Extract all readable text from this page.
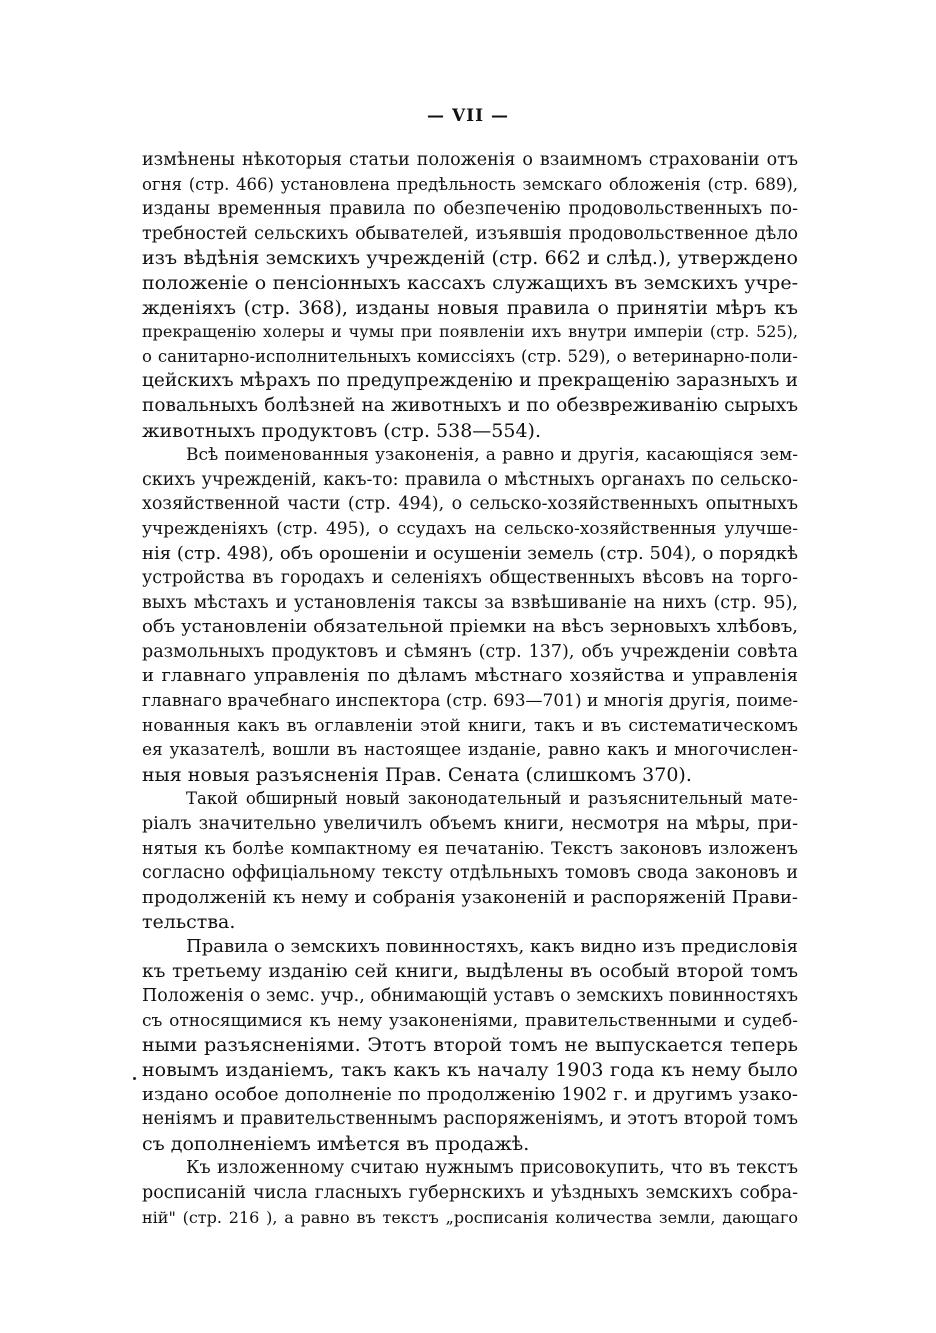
— VII —
измѣнены нѣкоторыя статьи положенія о взаимномъ страхованіи отъ
огня (стр. 466) установлена предѣльность земскаго обложенія (стр. 689),
изданы временныя правила по обезпеченію продовольственныхъ по-
требностей сельскихъ обывателей, изъявшія продовольственное дѣло
изъ вѣдѣнія земскихъ учрежденій (стр. 662 и слѣд.), утверждено
положеніе о пенсіонныхъ кассахъ служащихъ въ земскихъ учре-
жденіяхъ (стр. 368), изданы новыя правила о принятіи мѣръ къ
прекращенію холеры и чумы при появленіи ихъ внутри имперіи (стр. 525),
о санитарно-исполнительныхъ комиссіяхъ (стр. 529), о ветеринарно-поли-
цейскихъ мѣрахъ по предупрежденію и прекращенію заразныхъ и
повальныхъ болѣзней на животныхъ и по обезвреживанію сырыхъ
животныхъ продуктовъ (стр. 538—554).
Всѣ поименованныя узаконенія, а равно и другія, касающіяся зем-
скихъ учрежденій, какъ-то: правила о мѣстныхъ органахъ по сельско-
хозяйственной части (стр. 494), о сельско-хозяйственныхъ опытныхъ
учрежденіяхъ (стр. 495), о ссудахъ на сельско-хозяйственныя улучше-
нія (стр. 498), объ орошеніи и осушеніи земель (стр. 504), о порядкѣ
устройства въ городахъ и селеніяхъ общественныхъ вѣсовъ на торго-
выхъ мѣстахъ и установленія таксы за взвѣшиваніе на нихъ (стр. 95),
объ установленіи обязательной пріемки на вѣсъ зерновыхъ хлѣбовъ,
размольныхъ продуктовъ и сѣмянъ (стр. 137), объ учрежденіи совѣта
и главнаго управленія по дѣламъ мѣстнаго хозяйства и управленія
главнаго врачебнаго инспектора (стр. 693—701) и многія другія, поиме-
нованныя какъ въ оглавленіи этой книги, такъ и въ систематическомъ
ея указателѣ, вошли въ настоящее изданіе, равно какъ и многочислен-
ныя новыя разъясненія Прав. Сената (слишкомъ 370).
Такой обширный новый законодательный и разъяснительный мате-
ріалъ значительно увеличилъ объемъ книги, несмотря на мѣры, при-
нятыя къ болѣе компактному ея печатанію. Текстъ законовъ изложенъ
согласно оффиціальному тексту отдѣльныхъ томовъ свода законовъ и
продолженій къ нему и собранія узаконеній и распоряженій Прави-
тельства.
Правила о земскихъ повинностяхъ, какъ видно изъ предисловія
къ третьему изданію сей книги, выдѣлены въ особый второй томъ
Положенія о земс. учр., обнимающій уставъ о земскихъ повинностяхъ
съ относящимися къ нему узаконеніями, правительственными и судеб-
ными разъясненіями. Этотъ второй томъ не выпускается теперь
новымъ изданіемъ, такъ какъ къ началу 1903 года къ нему было
издано особое дополненіе по продолженію 1902 г. и другимъ узако-
неніямъ и правительственнымъ распоряженіямъ, и этотъ второй томъ
съ дополненіемъ имѣется въ продажѣ.
Къ изложенному считаю нужнымъ присовокупить, что въ текстъ
росписаній числа гласныхъ губернскихъ и уѣздныхъ земскихъ собра-
ній" (стр. 216 ), а равно въ текстъ „росписанія количества земли, дающаго
